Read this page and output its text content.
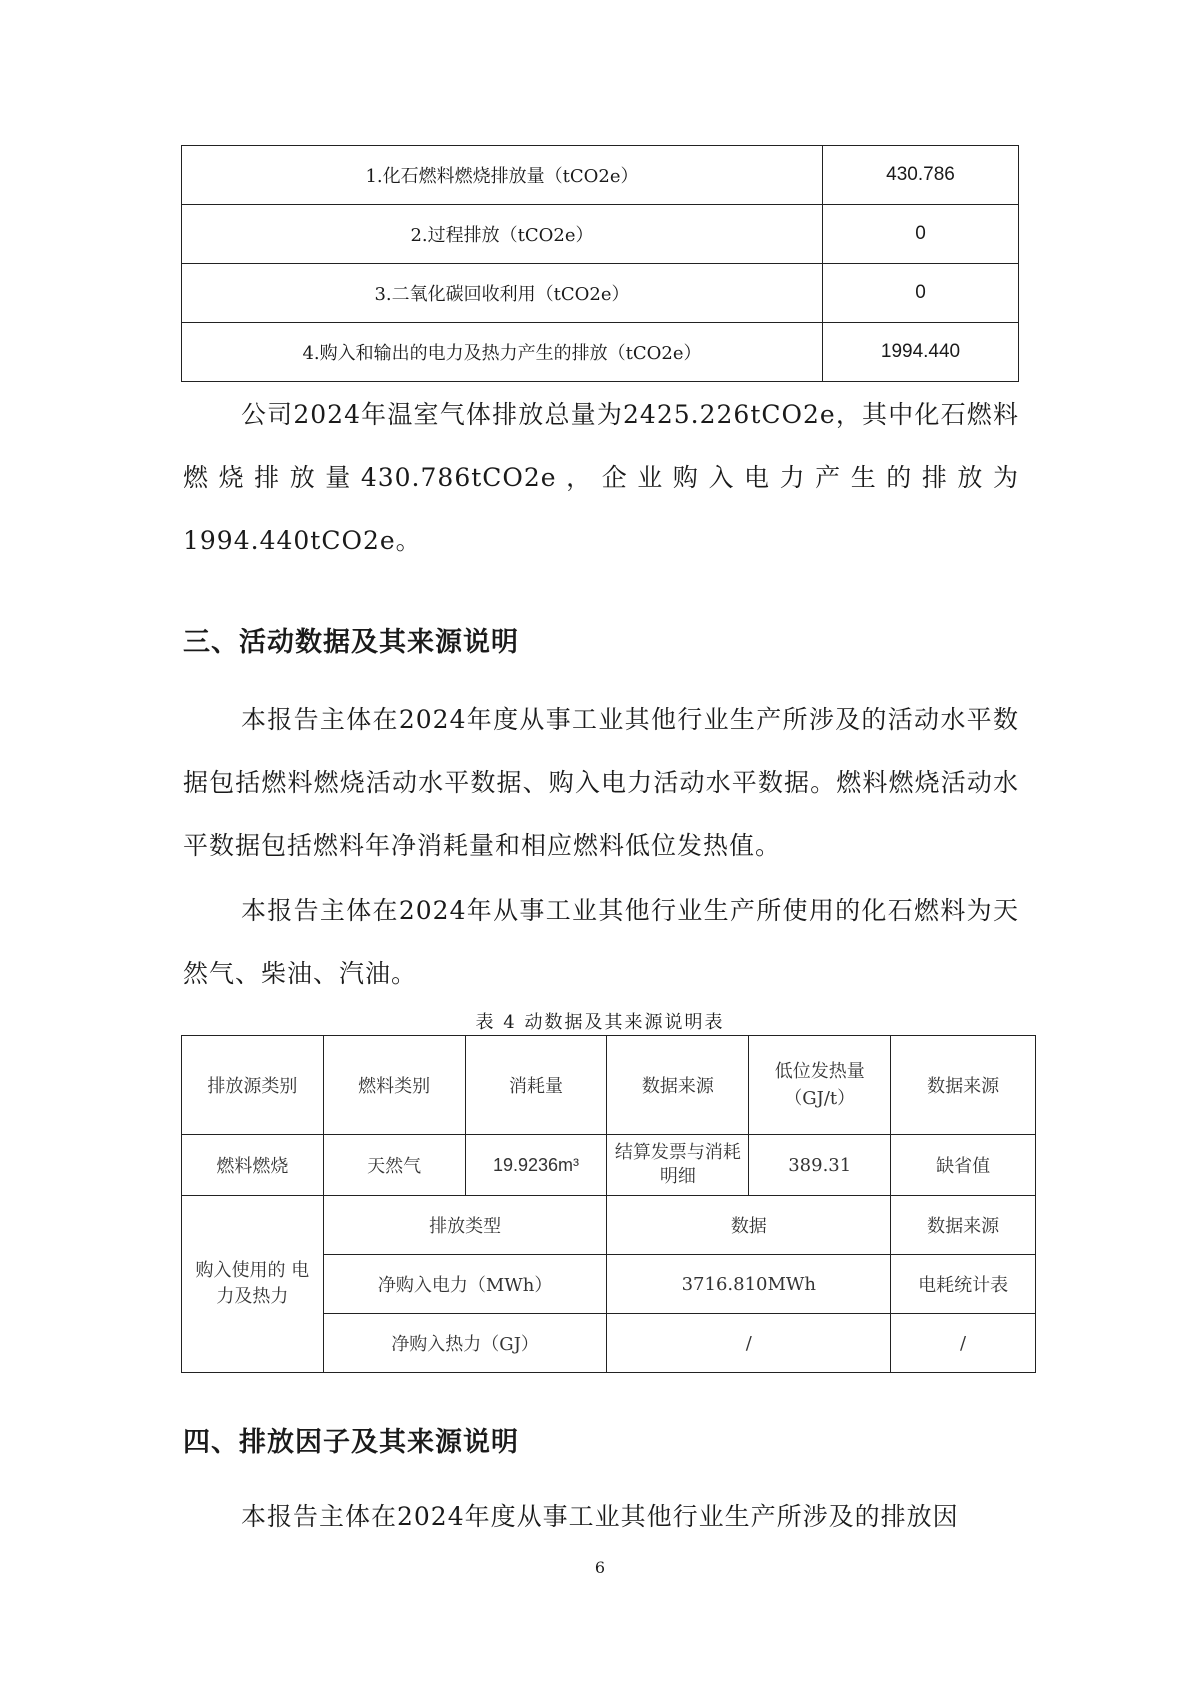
1.化石燃料燃烧排放量（tCO2e）	430.786
2.过程排放（tCO2e）	0
3.二氧化碳回收利用（tCO2e）	0
4.购入和输出的电力及热力产生的排放（tCO2e）	1994.440

公司2024年温室气体排放总量为2425.226tCO2e，其中化石燃料燃烧排放量430.786tCO2e，企业购入电力产生的排放为1994.440tCO2e。

三、活动数据及其来源说明

本报告主体在2024年度从事工业其他行业生产所涉及的活动水平数据包括燃料燃烧活动水平数据、购入电力活动水平数据。燃料燃烧活动水平数据包括燃料年净消耗量和相应燃料低位发热值。

本报告主体在2024年从事工业其他行业生产所使用的化石燃料为天然气、柴油、汽油。

表 4 动数据及其来源说明表
排放源类别	燃料类别	消耗量	数据来源	低位发热量（GJ/t）	数据来源
燃料燃烧	天然气	19.9236m³	结算发票与消耗明细	389.31	缺省值
购入使用的 电力及热力	排放类型		数据		数据来源
	净购入电力（MWh）		3716.810MWh		电耗统计表
	净购入热力（GJ）		/		/
四、排放因子及其来源说明

本报告主体在2024年度从事工业其他行业生产所涉及的排放因

6
